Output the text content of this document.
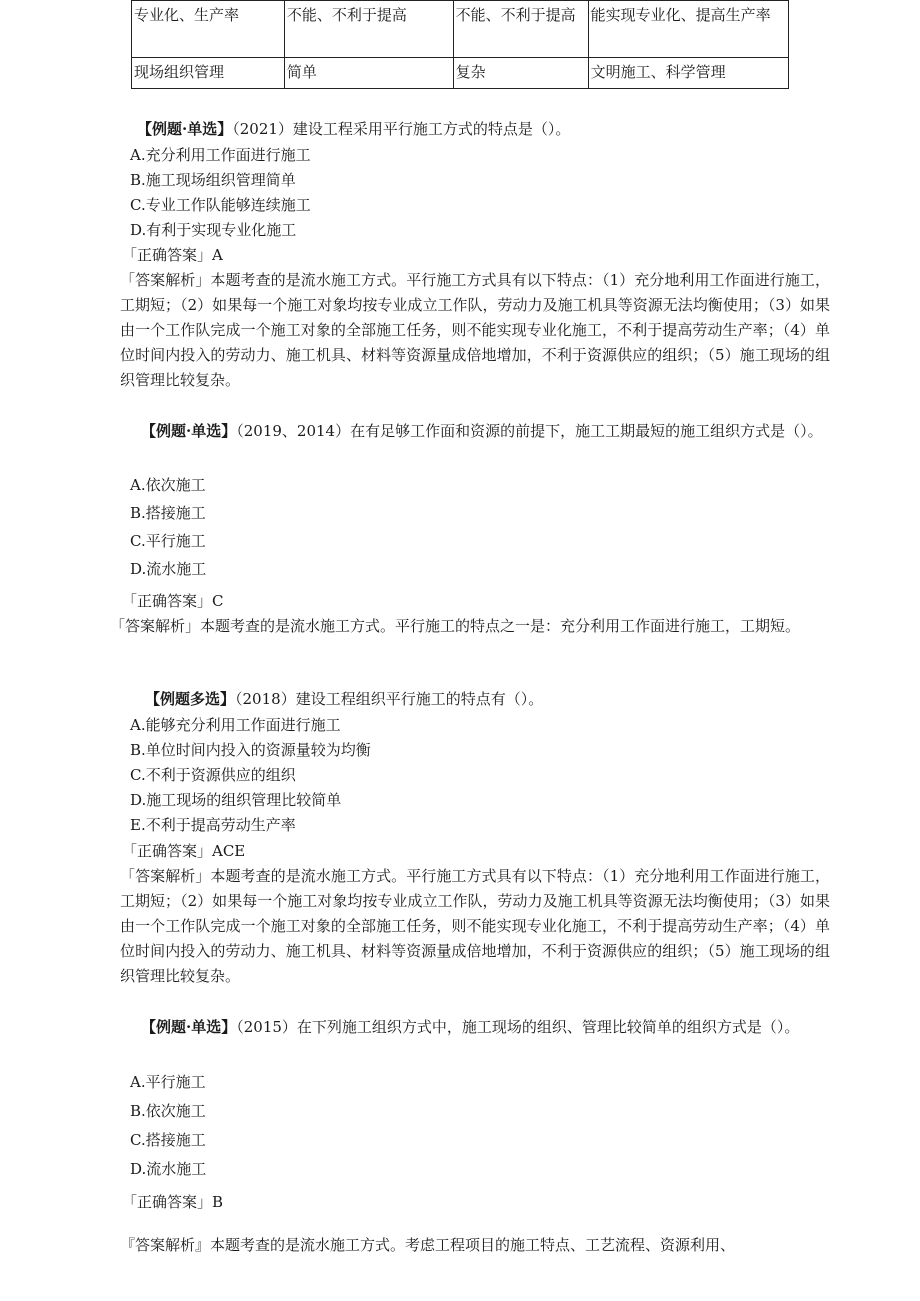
专业化、生产率	不能、不利于提高	不能、不利于提高	能实现专业化、提高生产率
现场组织管理	简单	复杂	文明施工、科学管理
【例题·单选】（2021）建设工程采用平行施工方式的特点是（）。
A.充分利用工作面进行施工
B.施工现场组织管理简单
C.专业工作队能够连续施工
D.有利于实现专业化施工
「正确答案」A
「答案解析」本题考查的是流水施工方式。平行施工方式具有以下特点：（1）充分地利用工作面进行施工，工期短；（2）如果每一个施工对象均按专业成立工作队，劳动力及施工机具等资源无法均衡使用；（3）如果由一个工作队完成一个施工对象的全部施工任务，则不能实现专业化施工，不利于提高劳动生产率；（4）单位时间内投入的劳动力、施工机具、材料等资源量成倍地增加，不利于资源供应的组织；（5）施工现场的组织管理比较复杂。
【例题·单选】（2019、2014）在有足够工作面和资源的前提下，施工工期最短的施工组织方式是（）。
A.依次施工
B.搭接施工
C.平行施工
D.流水施工
「正确答案」C
「答案解析」本题考查的是流水施工方式。平行施工的特点之一是：充分利用工作面进行施工，工期短。
【例题多选】（2018）建设工程组织平行施工的特点有（）。
A.能够充分利用工作面进行施工
B.单位时间内投入的资源量较为均衡
C.不利于资源供应的组织
D.施工现场的组织管理比较简单
E.不利于提高劳动生产率
「正确答案」ACE
「答案解析」本题考查的是流水施工方式。平行施工方式具有以下特点：（1）充分地利用工作面进行施工，工期短；（2）如果每一个施工对象均按专业成立工作队，劳动力及施工机具等资源无法均衡使用；（3）如果由一个工作队完成一个施工对象的全部施工任务，则不能实现专业化施工，不利于提高劳动生产率；（4）单位时间内投入的劳动力、施工机具、材料等资源量成倍地增加，不利于资源供应的组织；（5）施工现场的组织管理比较复杂。
【例题·单选】（2015）在下列施工组织方式中，施工现场的组织、管理比较简单的组织方式是（）。
A.平行施工
B.依次施工
C.搭接施工
D.流水施工
「正确答案」B
『答案解析』本题考查的是流水施工方式。考虑工程项目的施工特点、工艺流程、资源利用、
